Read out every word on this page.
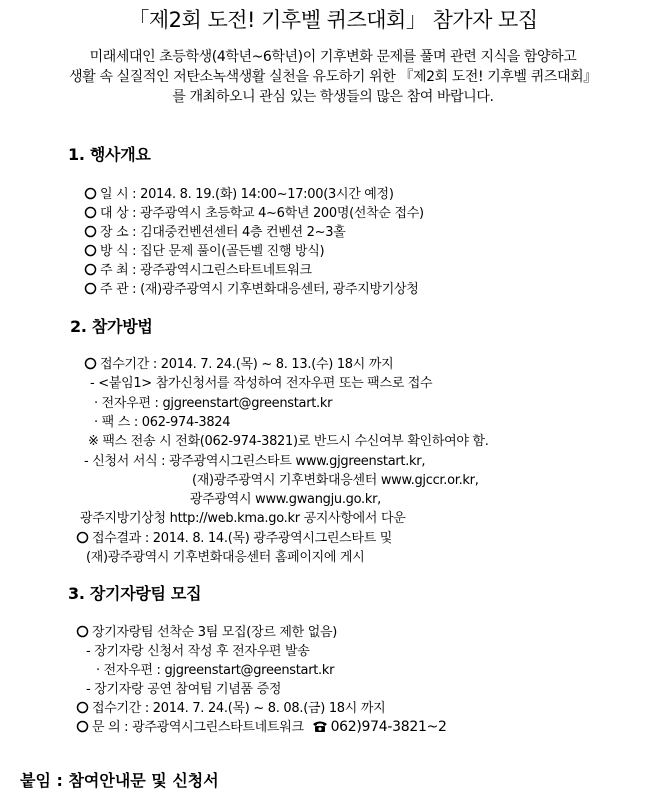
「제2회 도전! 기후벨 퀴즈대회」 참가자 모집
미래세대인 초등학생(4학년~6학년)이 기후변화 문제를 풀며 관련 지식을 함양하고
생활 속 실질적인 저탄소녹색생활 실천을 유도하기 위한 『제2회 도전! 기후벨 퀴즈대회』
를 개최하오니 관심 있는 학생들의 많은 참여 바랍니다.
1. 행사개요
일 시 : 2014. 8. 19.(화) 14:00~17:00(3시간 예정)
대 상 : 광주광역시 초등학교 4~6학년 200명(선착순 접수)
장 소 : 김대중컨벤션센터 4층 컨벤션 2~3홀
방 식 : 집단 문제 풀이(골든벨 진행 방식)
주 최 : 광주광역시그린스타트네트워크
주 관 : (재)광주광역시 기후변화대응센터, 광주지방기상청
2. 참가방법
접수기간 : 2014. 7. 24.(목) ~ 8. 13.(수) 18시 까지
- <붙임1> 참가신청서를 작성하여 전자우편 또는 팩스로 접수
· 전자우편 : gjgreenstart@greenstart.kr
· 팩 스 : 062-974-3824
※ 팩스 전송 시 전화(062-974-3821)로 반드시 수신여부 확인하여야 함.
- 신청서 서식 : 광주광역시그린스타트 www.gjgreenstart.kr,
(재)광주광역시 기후변화대응센터 www.gjccr.or.kr,
광주광역시 www.gwangju.go.kr,
광주지방기상청 http://web.kma.go.kr 공지사항에서 다운
접수결과 : 2014. 8. 14.(목) 광주광역시그린스타트 및
(재)광주광역시 기후변화대응센터 홈페이지에 게시
3. 장기자랑팀 모집
장기자랑팀 선착순 3팀 모집(장르 제한 없음)
- 장기자랑 신청서 작성 후 전자우편 발송
· 전자우편 : gjgreenstart@greenstart.kr
- 장기자랑 공연 참여팀 기념품 증정
접수기간 : 2014. 7. 24.(목) ~ 8. 08.(금) 18시 까지
문 의 : 광주광역시그린스타트네트워크 062)974-3821~2
붙임 : 참여안내문 및 신청서
